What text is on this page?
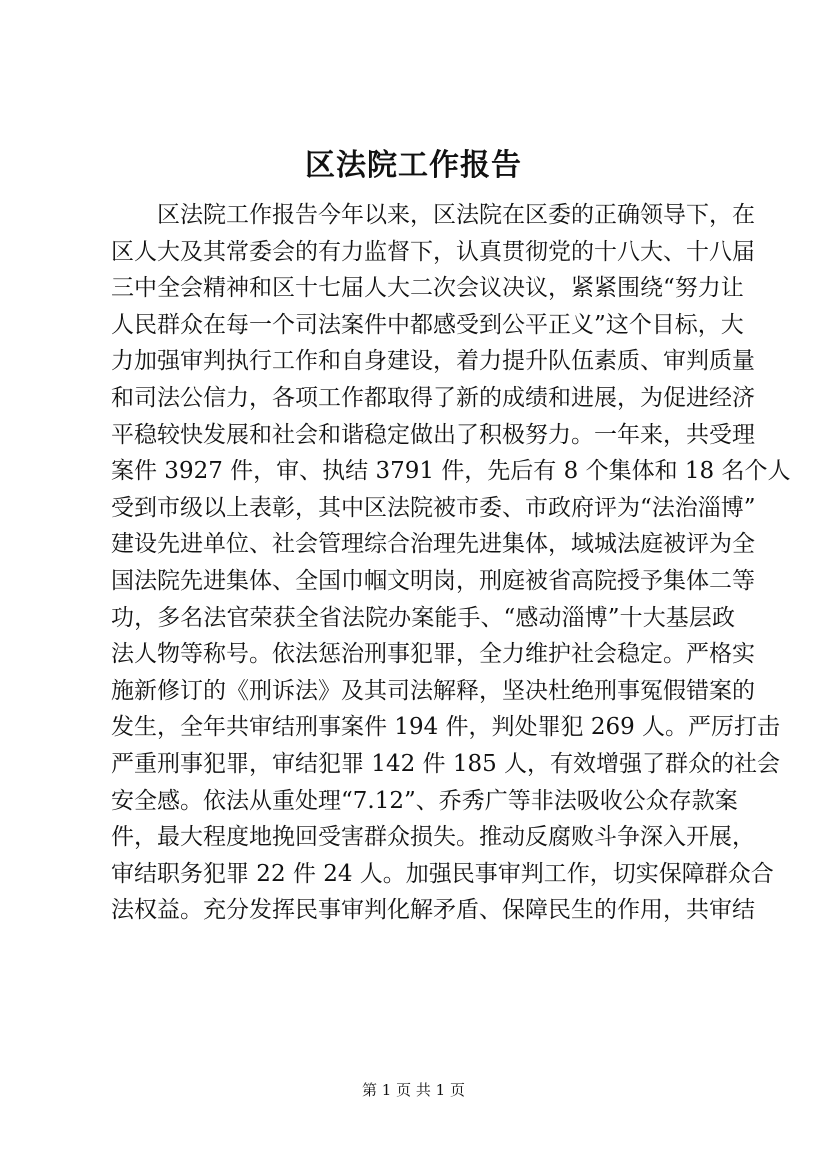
区法院工作报告
区法院工作报告今年以来，区法院在区委的正确领导下，在
区人大及其常委会的有力监督下，认真贯彻党的十八大、十八届
三中全会精神和区十七届人大二次会议决议，紧紧围绕“努力让
人民群众在每一个司法案件中都感受到公平正义”这个目标，大
力加强审判执行工作和自身建设，着力提升队伍素质、审判质量
和司法公信力，各项工作都取得了新的成绩和进展，为促进经济
平稳较快发展和社会和谐稳定做出了积极努力。一年来，共受理
案件 3927 件，审、执结 3791 件，先后有 8 个集体和 18 名个人
受到市级以上表彰，其中区法院被市委、市政府评为“法治淄博”
建设先进单位、社会管理综合治理先进集体，域城法庭被评为全
国法院先进集体、全国巾帼文明岗，刑庭被省高院授予集体二等
功，多名法官荣获全省法院办案能手、“感动淄博”十大基层政
法人物等称号。依法惩治刑事犯罪，全力维护社会稳定。严格实
施新修订的《刑诉法》及其司法解释，坚决杜绝刑事冤假错案的
发生，全年共审结刑事案件 194 件，判处罪犯 269 人。严厉打击
严重刑事犯罪，审结犯罪 142 件 185 人，有效增强了群众的社会
安全感。依法从重处理“7.12”、乔秀广等非法吸收公众存款案
件，最大程度地挽回受害群众损失。推动反腐败斗争深入开展，
审结职务犯罪 22 件 24 人。加强民事审判工作，切实保障群众合
法权益。充分发挥民事审判化解矛盾、保障民生的作用，共审结
第 1 页 共 1 页
